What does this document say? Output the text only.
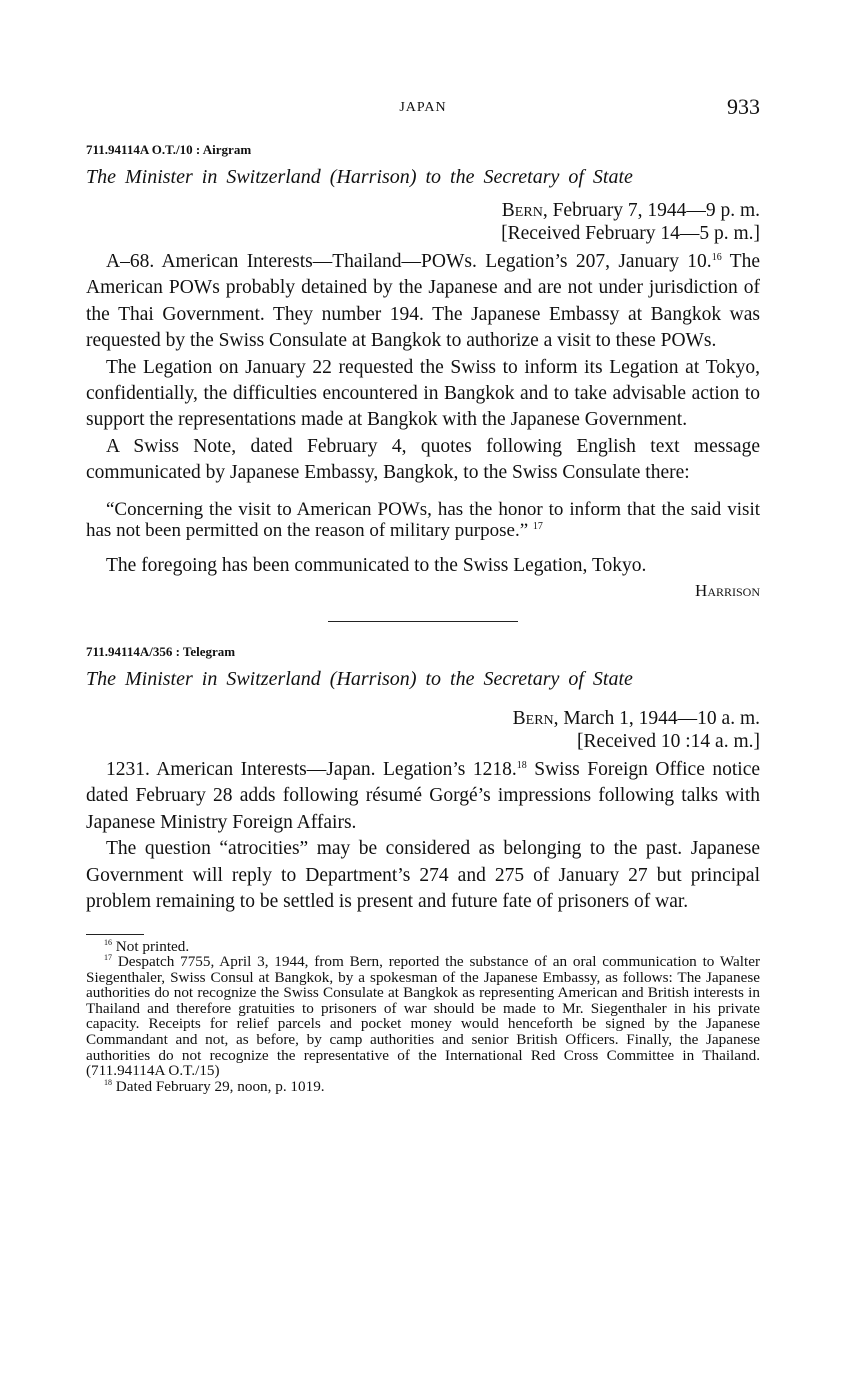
JAPAN	933
711.94114A O.T./10 : Airgram
The Minister in Switzerland (Harrison) to the Secretary of State
Bern, February 7, 1944—9 p. m.
[Received February 14—5 p. m.]

A–68. American Interests—Thailand—POWs. Legation’s 207, January 10.16 The American POWs probably detained by the Japanese and are not under jurisdiction of the Thai Government. They number 194. The Japanese Embassy at Bangkok was requested by the Swiss Consulate at Bangkok to authorize a visit to these POWs.

The Legation on January 22 requested the Swiss to inform its Legation at Tokyo, confidentially, the difficulties encountered in Bangkok and to take advisable action to support the representations made at Bangkok with the Japanese Government.

A Swiss Note, dated February 4, quotes following English text message communicated by Japanese Embassy, Bangkok, to the Swiss Consulate there:

“Concerning the visit to American POWs, has the honor to inform that the said visit has not been permitted on the reason of military purpose.” $^{17}$

The foregoing has been communicated to the Swiss Legation, Tokyo.

Harrison
711.94114A/356 : Telegram
The Minister in Switzerland (Harrison) to the Secretary of State
Bern, March 1, 1944—10 a. m.
[Received 10 :14 a. m.]

1231. American Interests—Japan. Legation’s 1218.18 Swiss Foreign Office notice dated February 28 adds following résumé Gorgé’s impressions following talks with Japanese Ministry Foreign Affairs.

The question “atrocities” may be considered as belonging to the past. Japanese Government will reply to Department’s 274 and 275 of January 27 but principal problem remaining to be settled is present and future fate of prisoners of war.

$^{16}$ Not printed.

$^{17}$ Despatch 7755, April 3, 1944, from Bern, reported the substance of an oral communication to Walter Siegenthaler, Swiss Consul at Bangkok, by a spokesman of the Japanese Embassy, as follows: The Japanese authorities do not recognize the Swiss Consulate at Bangkok as representing American and British interests in Thailand and therefore gratuities to prisoners of war should be made to Mr. Siegenthaler in his private capacity. Receipts for relief parcels and pocket money would henceforth be signed by the Japanese Commandant and not, as before, by camp authorities and senior British Officers. Finally, the Japanese authorities do not recognize the representative of the International Red Cross Committee in Thailand. (711.94114A O.T./15)

$^{18}$ Dated February 29, noon, p. 1019.
